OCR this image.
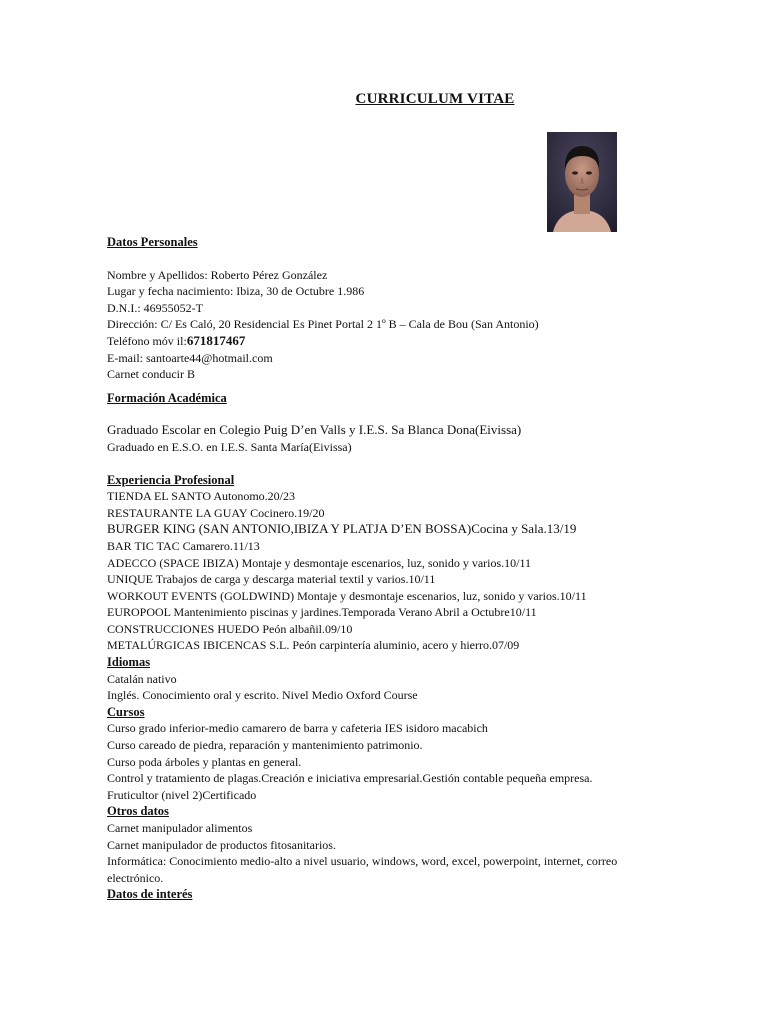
CURRICULUM VITAE
Datos Personales
Nombre y Apellidos: Roberto Pérez González
Lugar y fecha nacimiento: Ibiza, 30 de Octubre 1.986
D.N.I.: 46955052-T
Dirección: C/ Es Caló, 20 Residencial Es Pinet Portal 2 1º B – Cala de Bou (San Antonio)
Teléfono móv il:671817467
E-mail: santoarte44@hotmail.com
Carnet conducir B
Formación Académica
Graduado Escolar en Colegio Puig D’en Valls y I.E.S. Sa Blanca Dona(Eivissa)
Graduado en E.S.O. en I.E.S. Santa María(Eivissa)
Experiencia Profesional
TIENDA EL SANTO Autonomo.20/23
RESTAURANTE LA GUAY Cocinero.19/20
BURGER KING (SAN ANTONIO,IBIZA Y PLATJA D’EN BOSSA)Cocina y Sala.13/19
BAR TIC TAC Camarero.11/13
ADECCO (SPACE IBIZA) Montaje y desmontaje escenarios, luz, sonido y varios.10/11
UNIQUE Trabajos de carga y descarga material textil y varios.10/11
WORKOUT EVENTS (GOLDWIND) Montaje y desmontaje escenarios, luz, sonido y varios.10/11
EUROPOOL Mantenimiento piscinas y jardines.Temporada Verano Abril a Octubre10/11
CONSTRUCCIONES HUEDO Peón albañil.09/10
METALÚRGICAS IBICENCAS S.L. Peón carpintería aluminio, acero y hierro.07/09
Idiomas
Catalán nativo
Inglés. Conocimiento oral y escrito. Nivel Medio Oxford Course
Cursos
Curso grado inferior-medio camarero de barra y cafeteria IES isidoro macabich
Curso careado de piedra, reparación y mantenimiento patrimonio.
Curso poda árboles y plantas en general.
Control y tratamiento de plagas.Creación e iniciativa empresarial.Gestión contable pequeña empresa.
Fruticultor (nivel 2)Certificado
Otros datos
Carnet manipulador alimentos
Carnet manipulador de productos fitosanitarios.
Informática: Conocimiento medio-alto a nivel usuario, windows, word, excel, powerpoint, internet, correo
electrónico.
Datos de interés
